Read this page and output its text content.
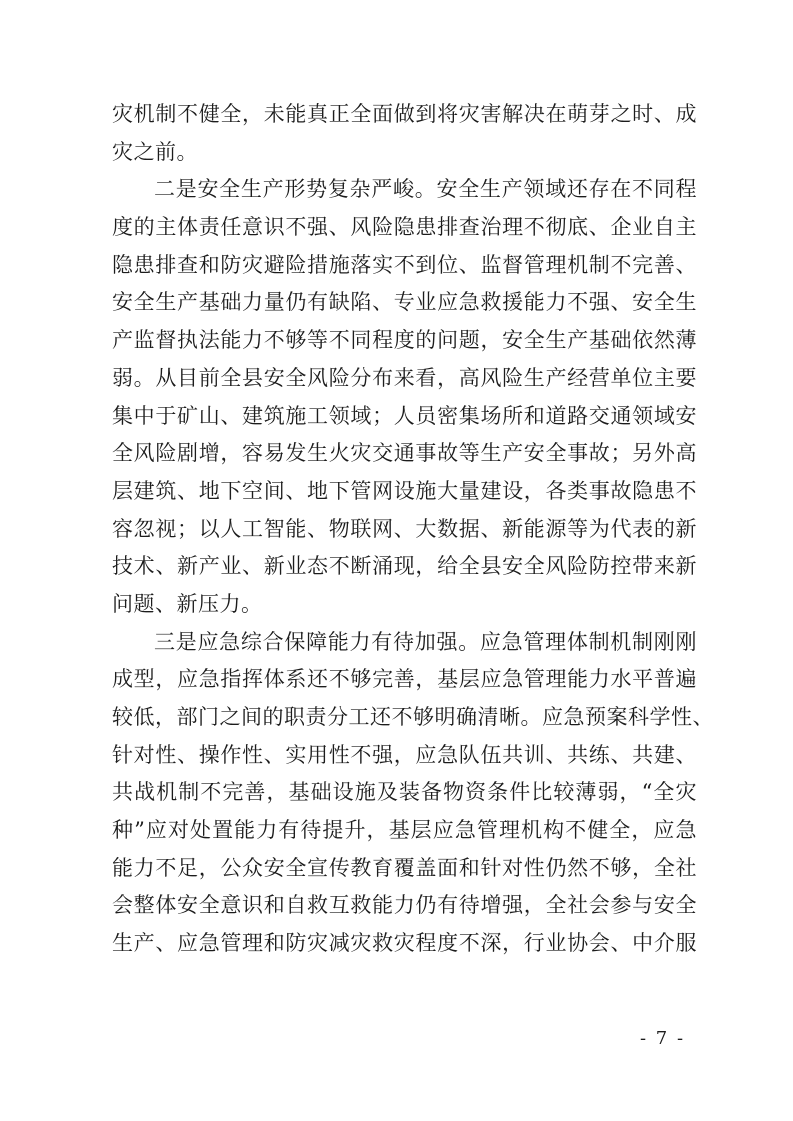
灾机制不健全，未能真正全面做到将灾害解决在萌芽之时、成
灾之前。
二是安全生产形势复杂严峻。安全生产领域还存在不同程
度的主体责任意识不强、风险隐患排查治理不彻底、企业自主
隐患排查和防灾避险措施落实不到位、监督管理机制不完善、
安全生产基础力量仍有缺陷、专业应急救援能力不强、安全生
产监督执法能力不够等不同程度的问题，安全生产基础依然薄
弱。从目前全县安全风险分布来看，高风险生产经营单位主要
集中于矿山、建筑施工领域；人员密集场所和道路交通领域安
全风险剧增，容易发生火灾交通事故等生产安全事故；另外高
层建筑、地下空间、地下管网设施大量建设，各类事故隐患不
容忽视；以人工智能、物联网、大数据、新能源等为代表的新
技术、新产业、新业态不断涌现，给全县安全风险防控带来新
问题、新压力。
三是应急综合保障能力有待加强。应急管理体制机制刚刚
成型，应急指挥体系还不够完善，基层应急管理能力水平普遍
较低，部门之间的职责分工还不够明确清晰。应急预案科学性、
针对性、操作性、实用性不强，应急队伍共训、共练、共建、
共战机制不完善，基础设施及装备物资条件比较薄弱，“全灾
种”应对处置能力有待提升，基层应急管理机构不健全，应急
能力不足，公众安全宣传教育覆盖面和针对性仍然不够，全社
会整体安全意识和自救互救能力仍有待增强，全社会参与安全
生产、应急管理和防灾减灾救灾程度不深，行业协会、中介服
- 7 -
